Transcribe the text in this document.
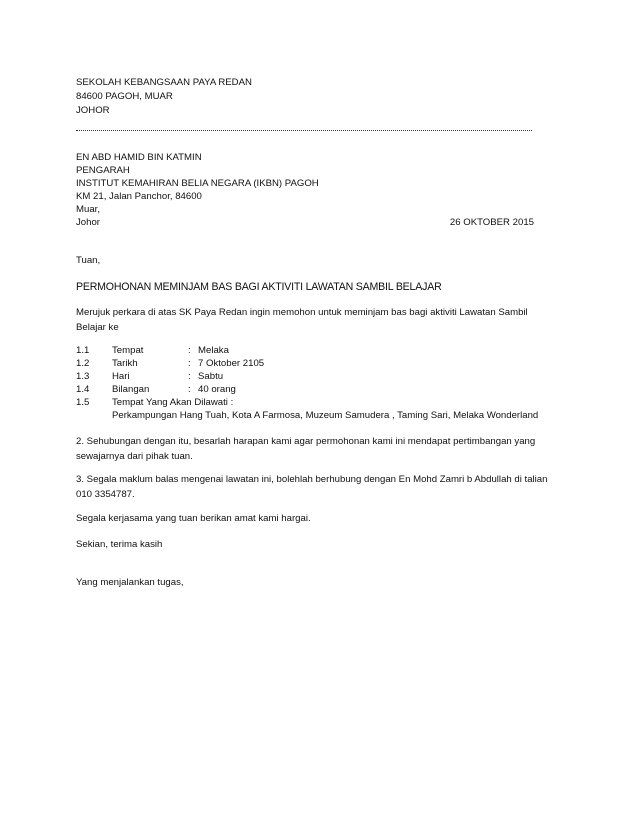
SEKOLAH KEBANGSAAN PAYA REDAN
84600 PAGOH, MUAR
JOHOR
EN ABD HAMID BIN KATMIN
PENGARAH
INSTITUT KEMAHIRAN BELIA NEGARA (IKBN) PAGOH
KM 21, Jalan Panchor, 84600
Muar,
Johor	26 OKTOBER 2015
Tuan,
PERMOHONAN MEMINJAM BAS BAGI AKTIVITI LAWATAN SAMBIL BELAJAR
Merujuk perkara di atas SK Paya Redan ingin memohon untuk meminjam bas bagi aktiviti Lawatan Sambil Belajar ke
1.1 Tempat	: Melaka
1.2 Tarikh	: 7 Oktober 2105
1.3 Hari	: Sabtu
1.4 Bilangan	: 40 orang
1.5 Tempat Yang Akan Dilawati :
Perkampungan Hang Tuah, Kota A Farmosa, Muzeum Samudera , Taming Sari, Melaka Wonderland
2. Sehubungan dengan itu, besarlah harapan kami agar permohonan kami ini mendapat pertimbangan yang sewajarnya dari pihak tuan.
3. Segala maklum balas mengenai lawatan ini, bolehlah berhubung dengan En Mohd Zamri b Abdullah di talian 010 3354787.
Segala kerjasama yang tuan berikan amat kami hargai.
Sekian, terima kasih
Yang menjalankan tugas,
